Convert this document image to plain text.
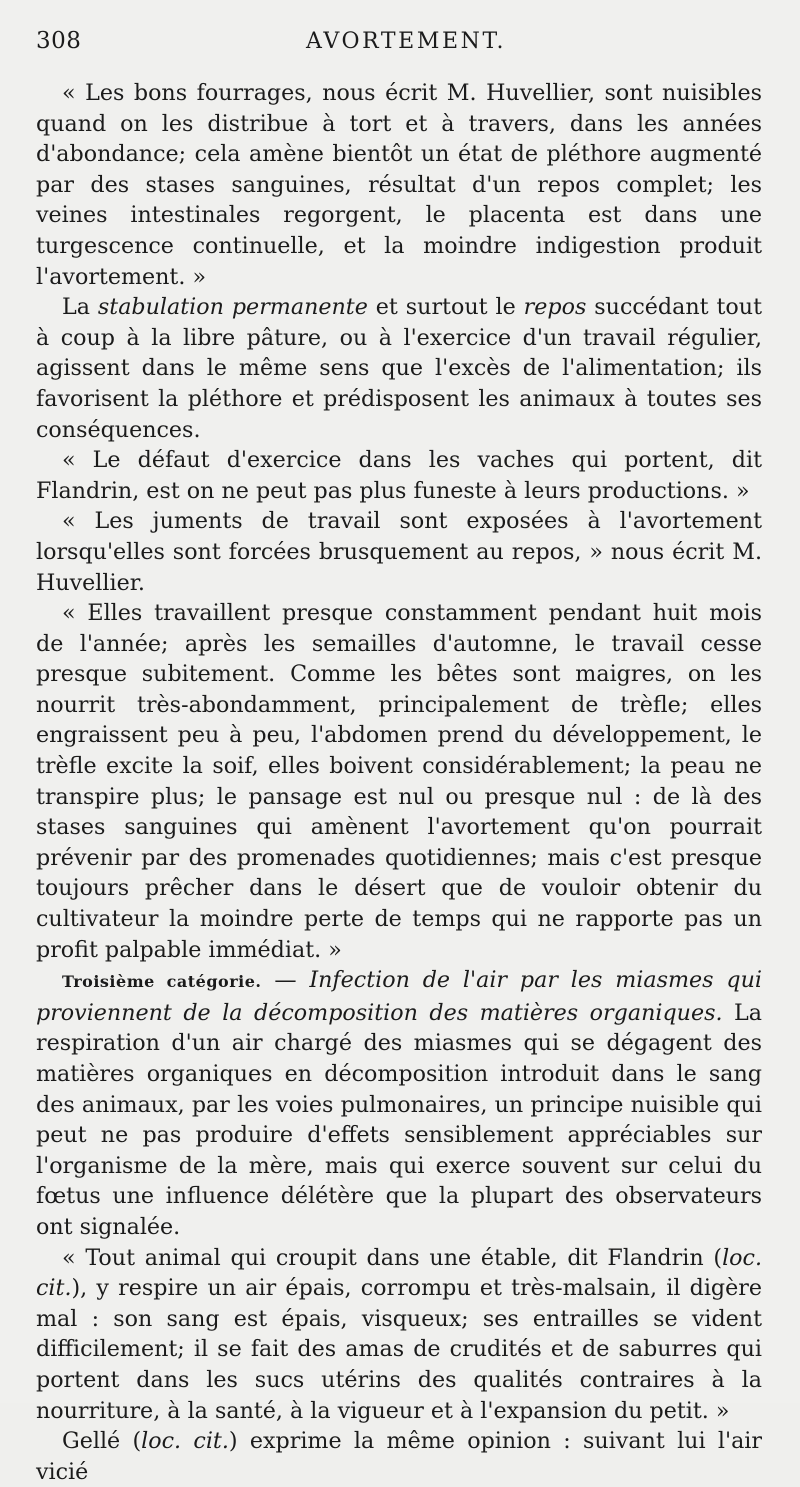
308	AVORTEMENT.

« Les bons fourrages, nous écrit M. Huvellier, sont nuisibles quand on les distribue à tort et à travers, dans les années d'abondance; cela amène bientôt un état de pléthore augmenté par des stases sanguines, résultat d'un repos complet; les veines intestinales regorgent, le placenta est dans une turgescence continuelle, et la moindre indigestion produit l'avortement. »

La stabulation permanente et surtout le repos succédant tout à coup à la libre pâture, ou à l'exercice d'un travail régulier, agissent dans le même sens que l'excès de l'alimentation; ils favorisent la pléthore et prédisposent les animaux à toutes ses conséquences.

« Le défaut d'exercice dans les vaches qui portent, dit Flandrin, est on ne peut pas plus funeste à leurs productions. »

« Les juments de travail sont exposées à l'avortement lorsqu'elles sont forcées brusquement au repos, » nous écrit M. Huvellier.

« Elles travaillent presque constamment pendant huit mois de l'année; après les semailles d'automne, le travail cesse presque subitement. Comme les bêtes sont maigres, on les nourrit très-abondamment, principalement de trèfle; elles engraissent peu à peu, l'abdomen prend du développement, le trèfle excite la soif, elles boivent considérablement; la peau ne transpire plus; le pansage est nul ou presque nul : de là des stases sanguines qui amènent l'avortement qu'on pourrait prévenir par des promenades quotidiennes; mais c'est presque toujours prêcher dans le désert que de vouloir obtenir du cultivateur la moindre perte de temps qui ne rapporte pas un profit palpable immédiat. »

Troisième catégorie. — Infection de l'air par les miasmes qui proviennent de la décomposition des matières organiques. La respiration d'un air chargé des miasmes qui se dégagent des matières organiques en décomposition introduit dans le sang des animaux, par les voies pulmonaires, un principe nuisible qui peut ne pas produire d'effets sensiblement appréciables sur l'organisme de la mère, mais qui exerce souvent sur celui du fœtus une influence délétère que la plupart des observateurs ont signalée.

« Tout animal qui croupit dans une étable, dit Flandrin (loc. cit.), y respire un air épais, corrompu et très-malsain, il digère mal : son sang est épais, visqueux; ses entrailles se vident difficilement; il se fait des amas de crudités et de saburres qui portent dans les sucs utérins des qualités contraires à la nourriture, à la santé, à la vigueur et à l'expansion du petit. »

Gellé (loc. cit.) exprime la même opinion : suivant lui l'air vicié
